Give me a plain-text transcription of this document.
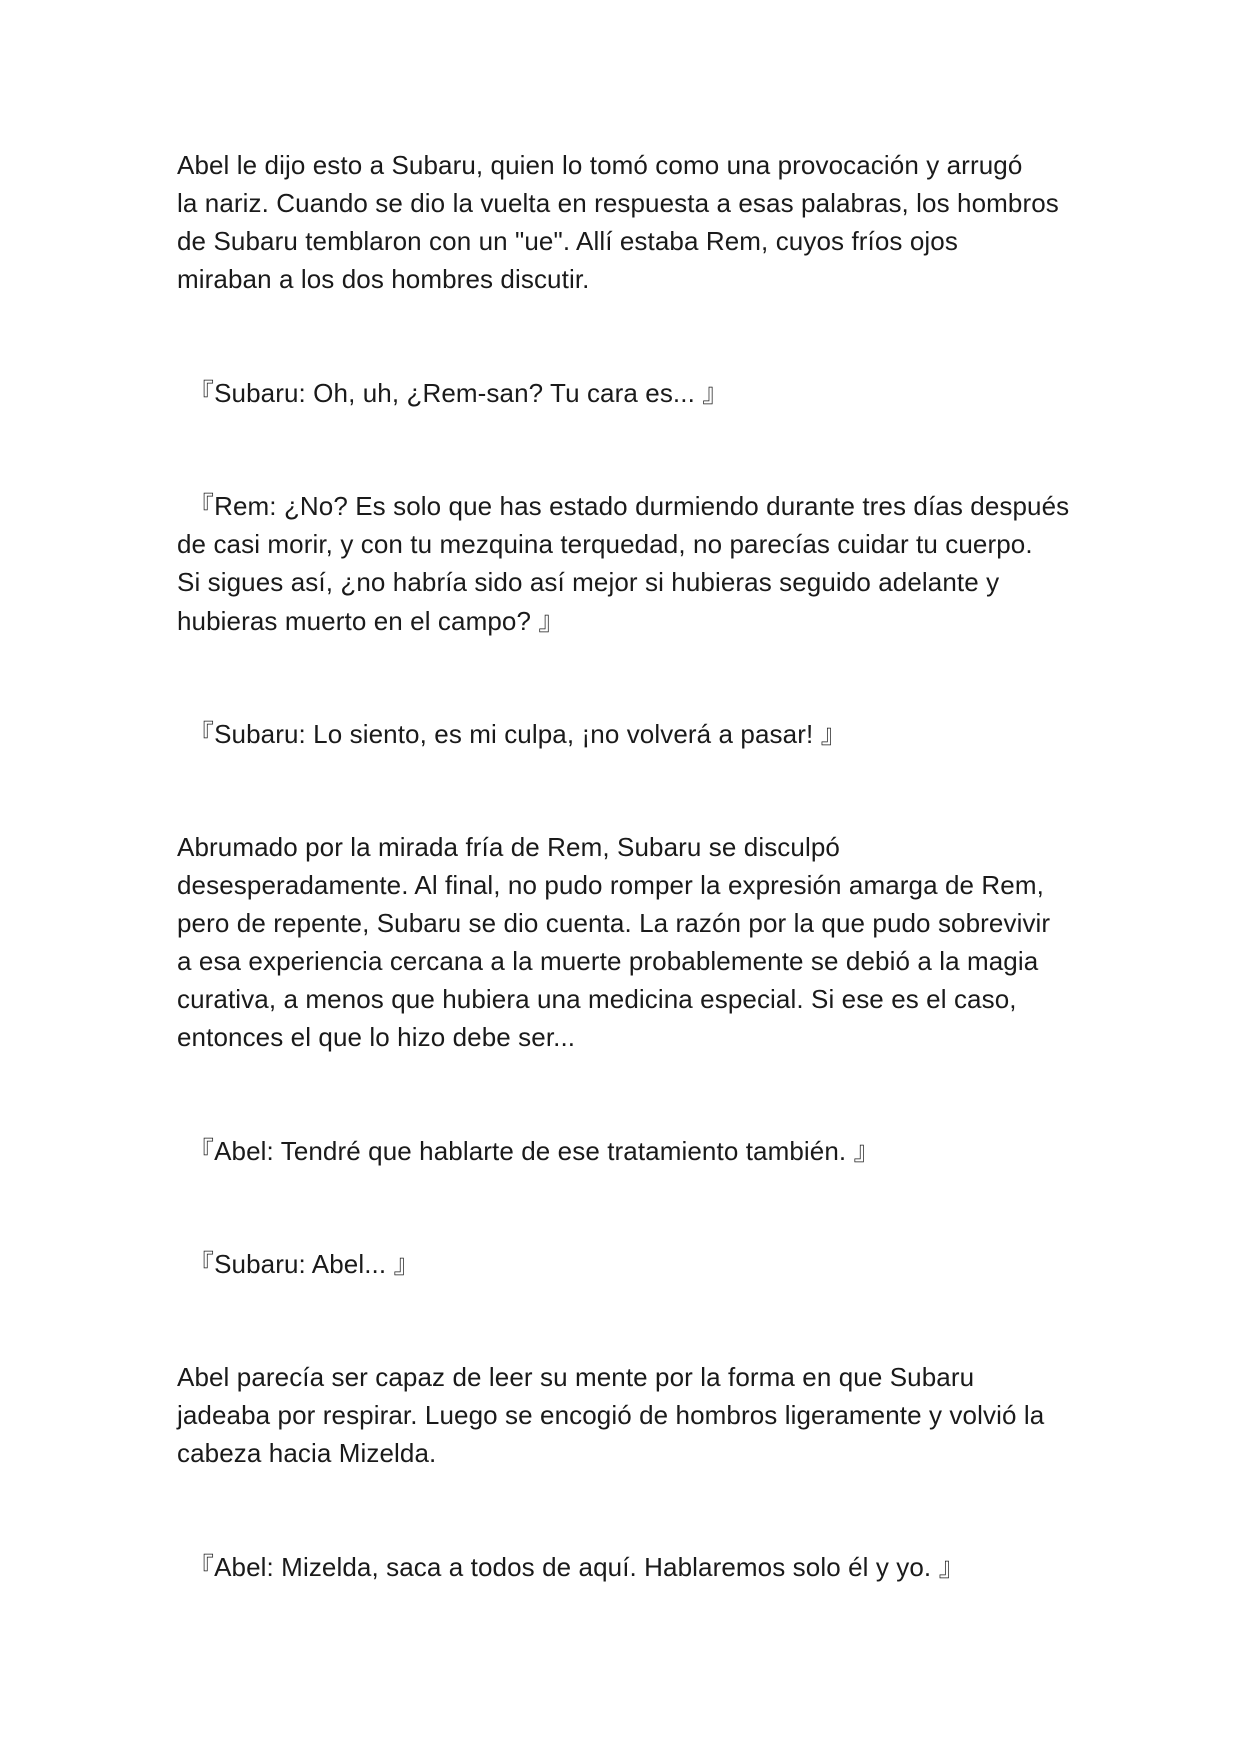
Abel le dijo esto a Subaru, quien lo tomó como una provocación y arrugó

la nariz. Cuando se dio la vuelta en respuesta a esas palabras, los hombros

de Subaru temblaron con un "ue". Allí estaba Rem, cuyos fríos ojos

miraban a los dos hombres discutir.

『Subaru: Oh, uh, ¿Rem-san? Tu cara es... 』

『Rem: ¿No? Es solo que has estado durmiendo durante tres días después

de casi morir, y con tu mezquina terquedad, no parecías cuidar tu cuerpo.

Si sigues así, ¿no habría sido así mejor si hubieras seguido adelante y

hubieras muerto en el campo? 』

『Subaru: Lo siento, es mi culpa, ¡no volverá a pasar! 』

Abrumado por la mirada fría de Rem, Subaru se disculpó

desesperadamente. Al final, no pudo romper la expresión amarga de Rem,

pero de repente, Subaru se dio cuenta. La razón por la que pudo sobrevivir

a esa experiencia cercana a la muerte probablemente se debió a la magia

curativa, a menos que hubiera una medicina especial. Si ese es el caso,

entonces el que lo hizo debe ser...

『Abel: Tendré que hablarte de ese tratamiento también. 』

『Subaru: Abel... 』

Abel parecía ser capaz de leer su mente por la forma en que Subaru

jadeaba por respirar. Luego se encogió de hombros ligeramente y volvió la

cabeza hacia Mizelda.

『Abel: Mizelda, saca a todos de aquí. Hablaremos solo él y yo. 』
